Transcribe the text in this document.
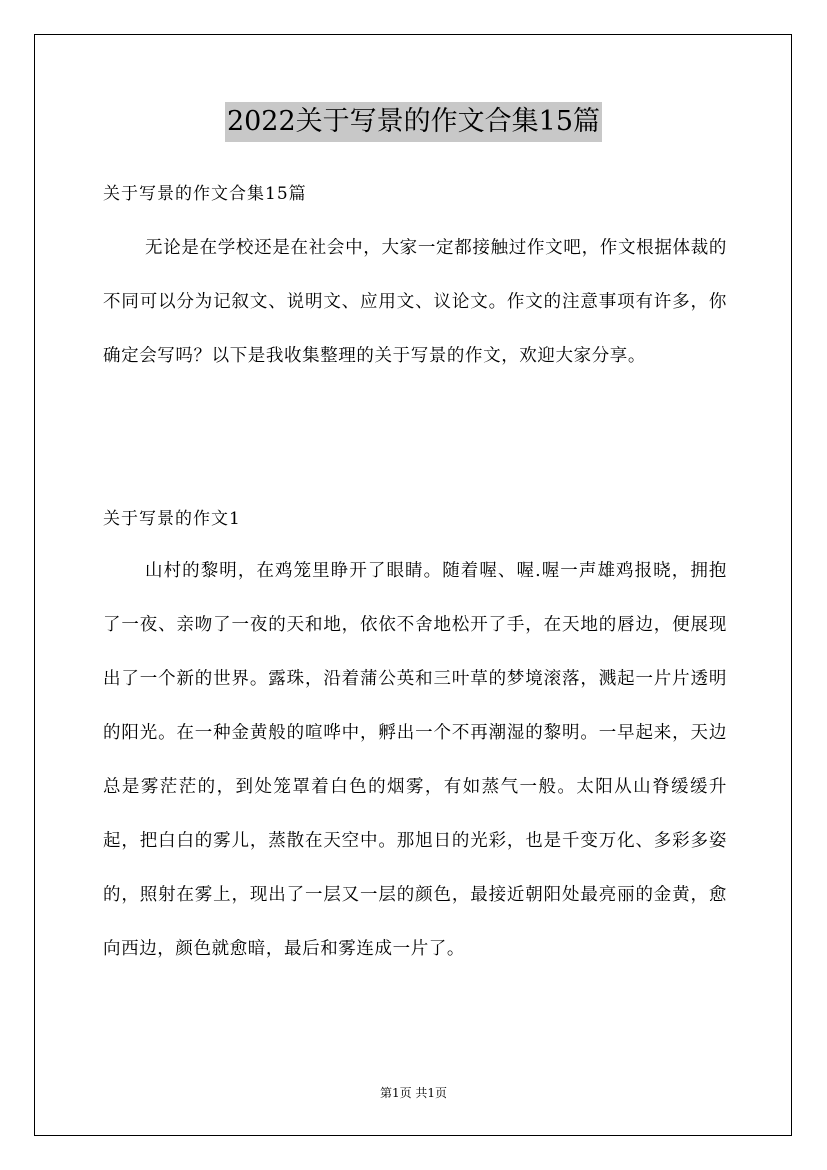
2022关于写景的作文合集15篇
关于写景的作文合集15篇

无论是在学校还是在社会中，大家一定都接触过作文吧，作文根据体裁的不同可以分为记叙文、说明文、应用文、议论文。作文的注意事项有许多，你确定会写吗？以下是我收集整理的关于写景的作文，欢迎大家分享。

关于写景的作文1

山村的黎明，在鸡笼里睁开了眼睛。随着喔、喔.喔一声雄鸡报晓，拥抱了一夜、亲吻了一夜的天和地，依依不舍地松开了手，在天地的唇边，便展现出了一个新的世界。露珠，沿着蒲公英和三叶草的梦境滚落，溅起一片片透明的阳光。在一种金黄般的喧哗中，孵出一个不再潮湿的黎明。一早起来，天边总是雾茫茫的，到处笼罩着白色的烟雾，有如蒸气一般。太阳从山脊缓缓升起，把白白的雾儿，蒸散在天空中。那旭日的光彩，也是千变万化、多彩多姿的，照射在雾上，现出了一层又一层的颜色，最接近朝阳处最亮丽的金黄，愈向西边，颜色就愈暗，最后和雾连成一片了。

第1页 共1页
